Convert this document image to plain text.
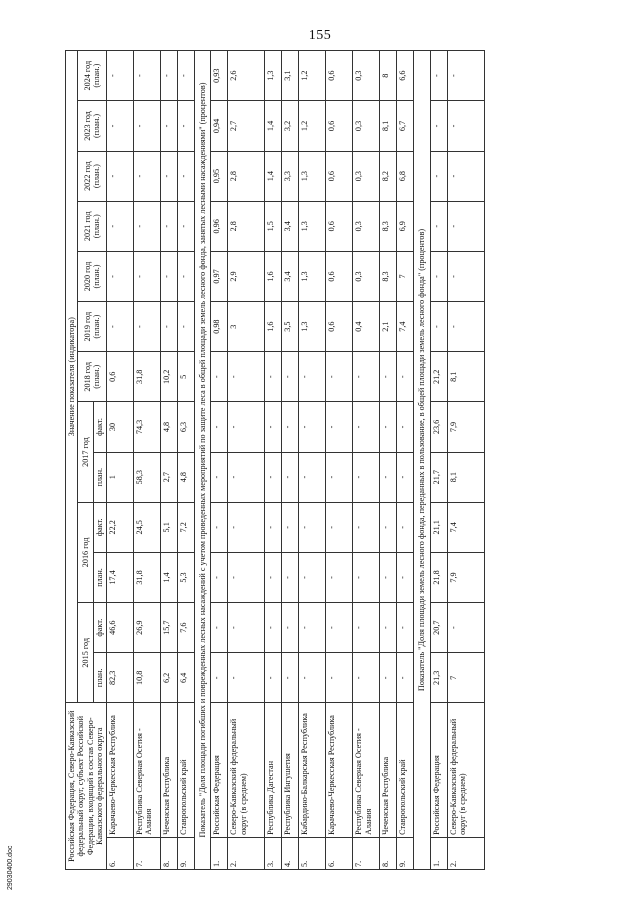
155
Российская Федерация, Северо-Кавказский федеральный округ, субъект Российской Федерации, входящий в состав Северо-Кавказского федерального округа		Значение показателя (индикатора)												
		2015 год		2016 год		2017 год		2018 год (план.)	2019 год (план.)	2020 год (план.)	2021 год (план.)	2022 год (план.)	2023 год (план.)	2024 год (план.)
		план.	факт.	план.	факт.	план.	факт.							
6.	Карачаево-Черкесская Республика	82,3	46,6	17,4	22,2	1	30	0,6	-	-	-	-	-	-
7.	Республика Северная Осетия - Алания	10,8	26,9	31,8	24,5	58,3	74,3	31,8	-	-	-	-	-	-
8.	Чеченская Республика	6,2	15,7	1,4	5,1	2,7	4,8	10,2	-	-	-	-	-	-
9.	Ставропольский край	6,4	7,6	5,3	7,2	4,8	6,3	5	-	-	-	-	-	-
Показатель "Доля площади погибших и поврежденных лесных насаждений с учетом проведенных мероприятий по защите леса в общей площади земель лесного фонда, занятых лесными насаждениями" (процентов)														
1.	Российская Федерация	-	-	-	-	-	-	-	0,98	0,97	0,96	0,95	0,94	0,93
2.	Северо-Кавказский федеральный округ (в среднем)	-	-	-	-	-	-	-	3	2,9	2,8	2,8	2,7	2,6
3.	Республика Дагестан	-	-	-	-	-	-	-	1,6	1,6	1,5	1,4	1,4	1,3
4.	Республика Ингушетия	-	-	-	-	-	-	-	3,5	3,4	3,4	3,3	3,2	3,1
5.	Кабардино-Балкарская Республика	-	-	-	-	-	-	-	1,3	1,3	1,3	1,3	1,2	1,2
6.	Карачаево-Черкесская Республика	-	-	-	-	-	-	-	0,6	0,6	0,6	0,6	0,6	0,6
7.	Республика Северная Осетия - Алания	-	-	-	-	-	-	-	0,4	0,3	0,3	0,3	0,3	0,3
8.	Чеченская Республика	-	-	-	-	-	-	-	2,1	8,3	8,3	8,2	8,1	8
9.	Ставропольский край	-	-	-	-	-	-	-	7,4	7	6,9	6,8	6,7	6,6
Показатель "Доля площади земель лесного фонда, переданных в пользование, в общей площади земель лесного фонда" (процентов)														
1.	Российская Федерация	21,3	20,7	21,8	21,1	21,7	23,6	21,2	-	-	-	-	-	-
2.	Северо-Кавказский федеральный округ (в среднем)	7	-	7,9	7,4	8,1	7,9	8,1	-	-	-	-	-	-
29030400.doc
